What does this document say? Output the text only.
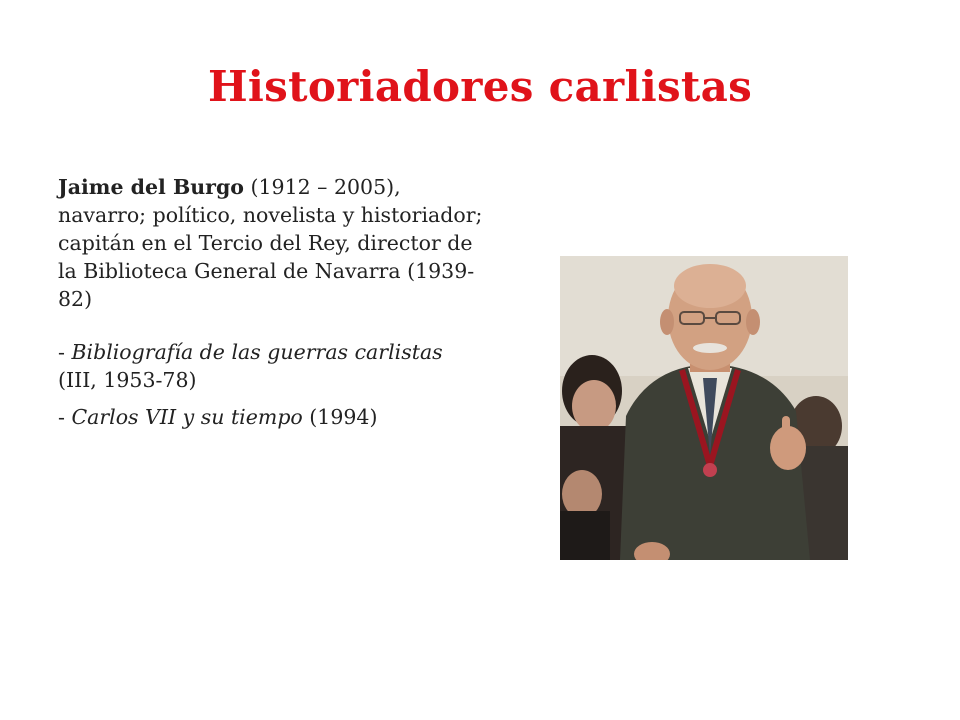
Historiadores carlistas

Jaime del Burgo (1912 – 2005), navarro; político, novelista y historiador; capitán en el Tercio del Rey, director de la Biblioteca General de Navarra (1939-82)

- Bibliografía de las guerras carlistas (III, 1953-78)

- Carlos VII y su tiempo (1994)
